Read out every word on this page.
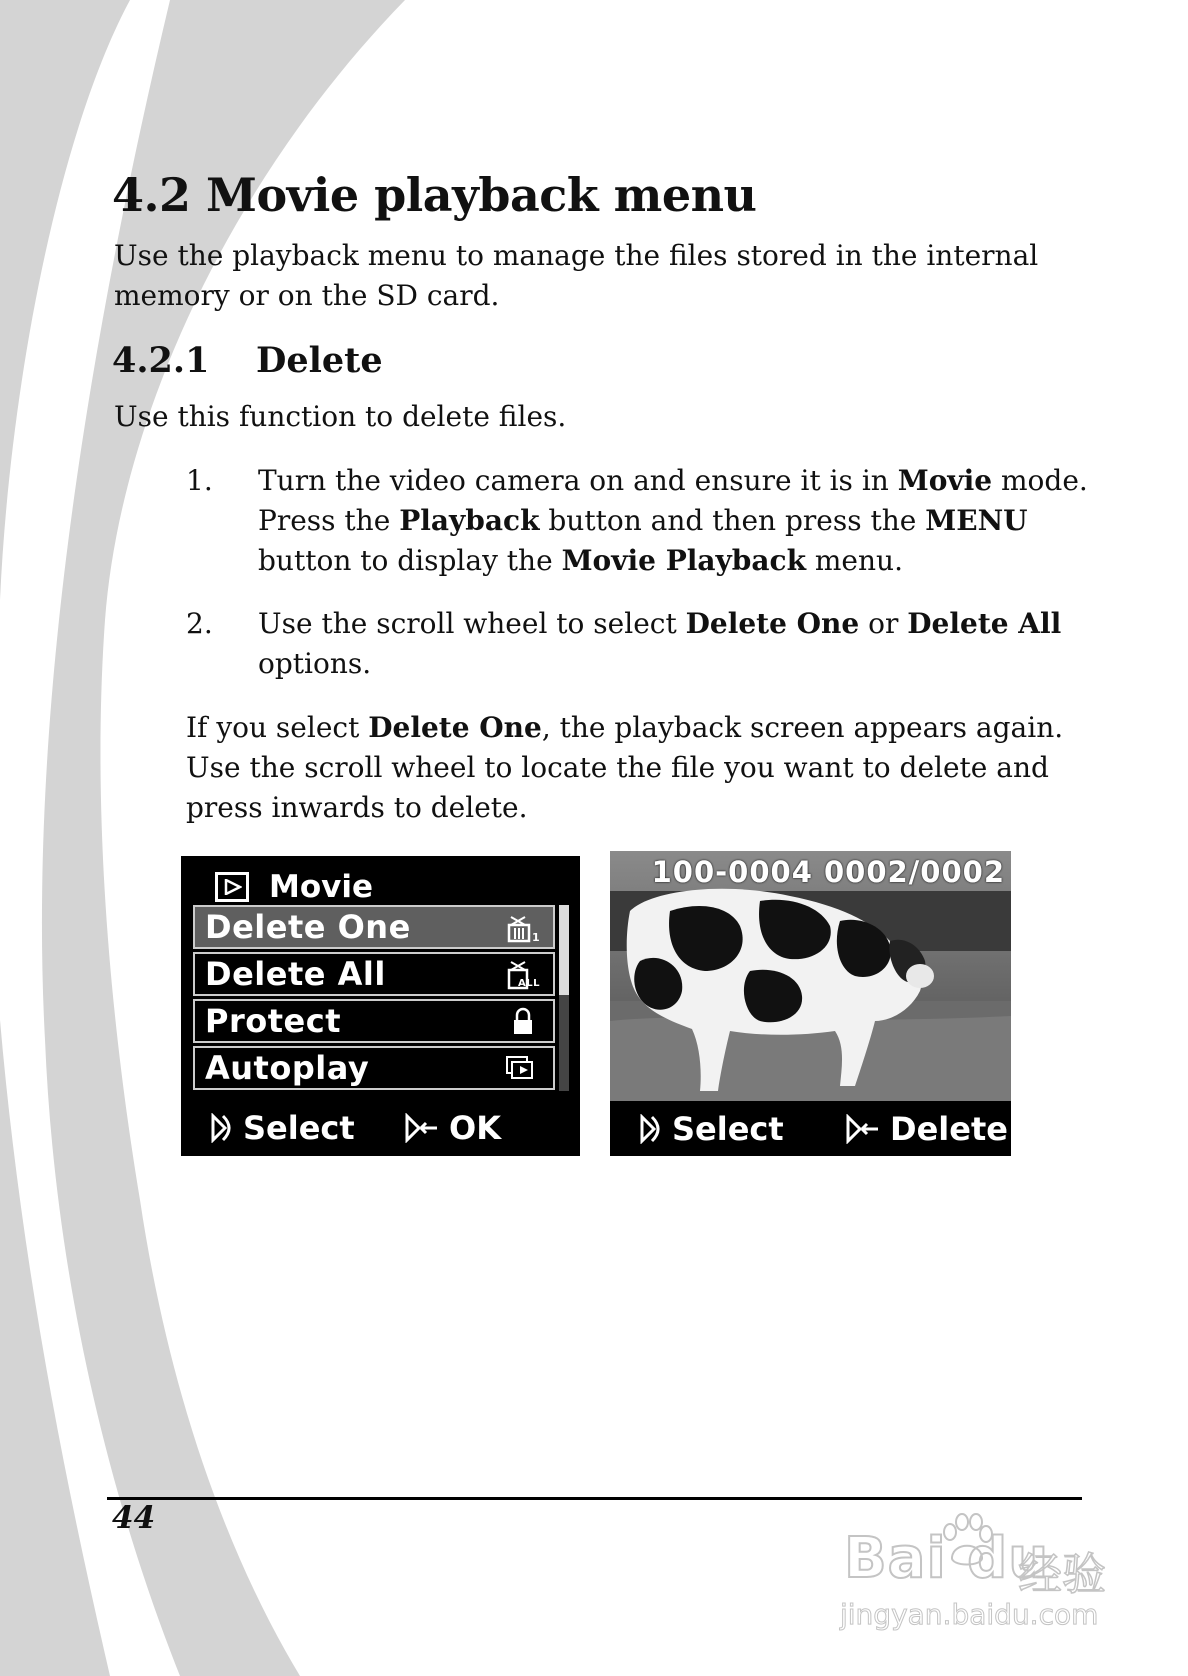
4.2 Movie playback menu

Use the playback menu to manage the files stored in the internal memory or on the SD card.

4.2.1 Delete

Use this function to delete files.

1. Turn the video camera on and ensure it is in Movie mode. Press the Playback button and then press the MENU button to display the Movie Playback menu.
2. Use the scroll wheel to select Delete One or Delete All options.

If you select Delete One, the playback screen appears again. Use the scroll wheel to locate the file you want to delete and press inwards to delete.

Movie
Delete One	1
Delete All	ALL
Protect
Autoplay
Select	OK
100-0004 0002/0002
Select	Delete
44
Bai du
经验
jingyan.baidu.com
